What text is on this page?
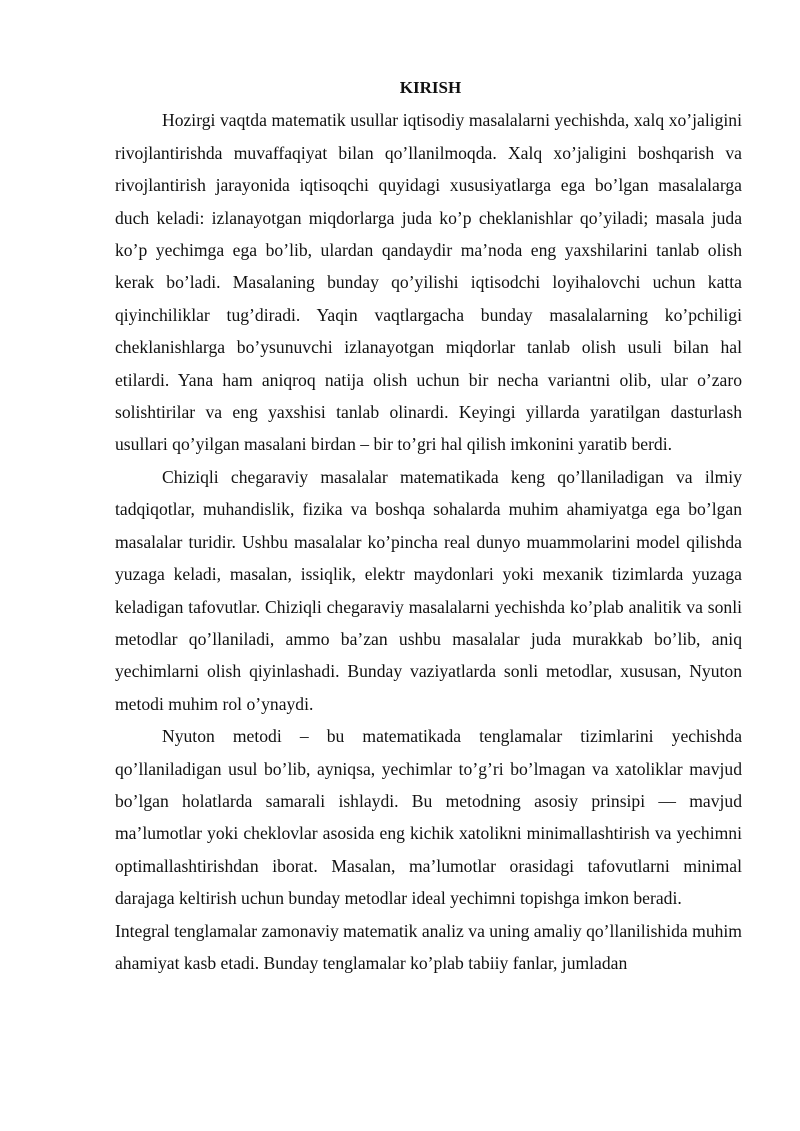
KIRISH

Hozirgi vaqtda matematik usullar iqtisodiy masalalarni yechishda, xalq xo’jaligini rivojlantirishda muvaffaqiyat bilan qo’llanilmoqda. Xalq xo’jaligini boshqarish va rivojlantirish jarayonida iqtisoqchi quyidagi xususiyatlarga ega bo’lgan masalalarga duch keladi: izlanayotgan miqdorlarga juda ko’p cheklanishlar qo’yiladi; masala juda ko’p yechimga ega bo’lib, ulardan qandaydir ma’noda eng yaxshilarini tanlab olish kerak bo’ladi. Masalaning bunday qo’yilishi iqtisodchi loyihalovchi uchun katta qiyinchiliklar tug’diradi. Yaqin vaqtlargacha bunday masalalarning ko’pchiligi cheklanishlarga bo’ysunuvchi izlanayotgan miqdorlar tanlab olish usuli bilan hal etilardi. Yana ham aniqroq natija olish uchun bir necha variantni olib, ular o’zaro solishtirilar va eng yaxshisi tanlab olinardi. Keyingi yillarda yaratilgan dasturlash usullari qo’yilgan masalani birdan – bir to’gri hal qilish imkonini yaratib berdi.

Chiziqli chegaraviy masalalar matematikada keng qo’llaniladigan va ilmiy tadqiqotlar, muhandislik, fizika va boshqa sohalarda muhim ahamiyatga ega bo’lgan masalalar turidir. Ushbu masalalar ko’pincha real dunyo muammolarini model qilishda yuzaga keladi, masalan, issiqlik, elektr maydonlari yoki mexanik tizimlarda yuzaga keladigan tafovutlar. Chiziqli chegaraviy masalalarni yechishda ko’plab analitik va sonli metodlar qo’llaniladi, ammo ba’zan ushbu masalalar juda murakkab bo’lib, aniq yechimlarni olish qiyinlashadi. Bunday vaziyatlarda sonli metodlar, xususan, Nyuton metodi muhim rol o’ynaydi.

Nyuton metodi – bu matematikada tenglamalar tizimlarini yechishda qo’llaniladigan usul bo’lib, ayniqsa, yechimlar to’g’ri bo’lmagan va xatoliklar mavjud bo’lgan holatlarda samarali ishlaydi. Bu metodning asosiy prinsipi — mavjud ma’lumotlar yoki cheklovlar asosida eng kichik xatolikni minimallashtirish va yechimni optimallashtirishdan iborat. Masalan, ma’lumotlar orasidagi tafovutlarni minimal darajaga keltirish uchun bunday metodlar ideal yechimni topishga imkon beradi.

Integral tenglamalar zamonaviy matematik analiz va uning amaliy qo’llanilishida muhim ahamiyat kasb etadi. Bunday tenglamalar ko’plab tabiiy fanlar, jumladan
